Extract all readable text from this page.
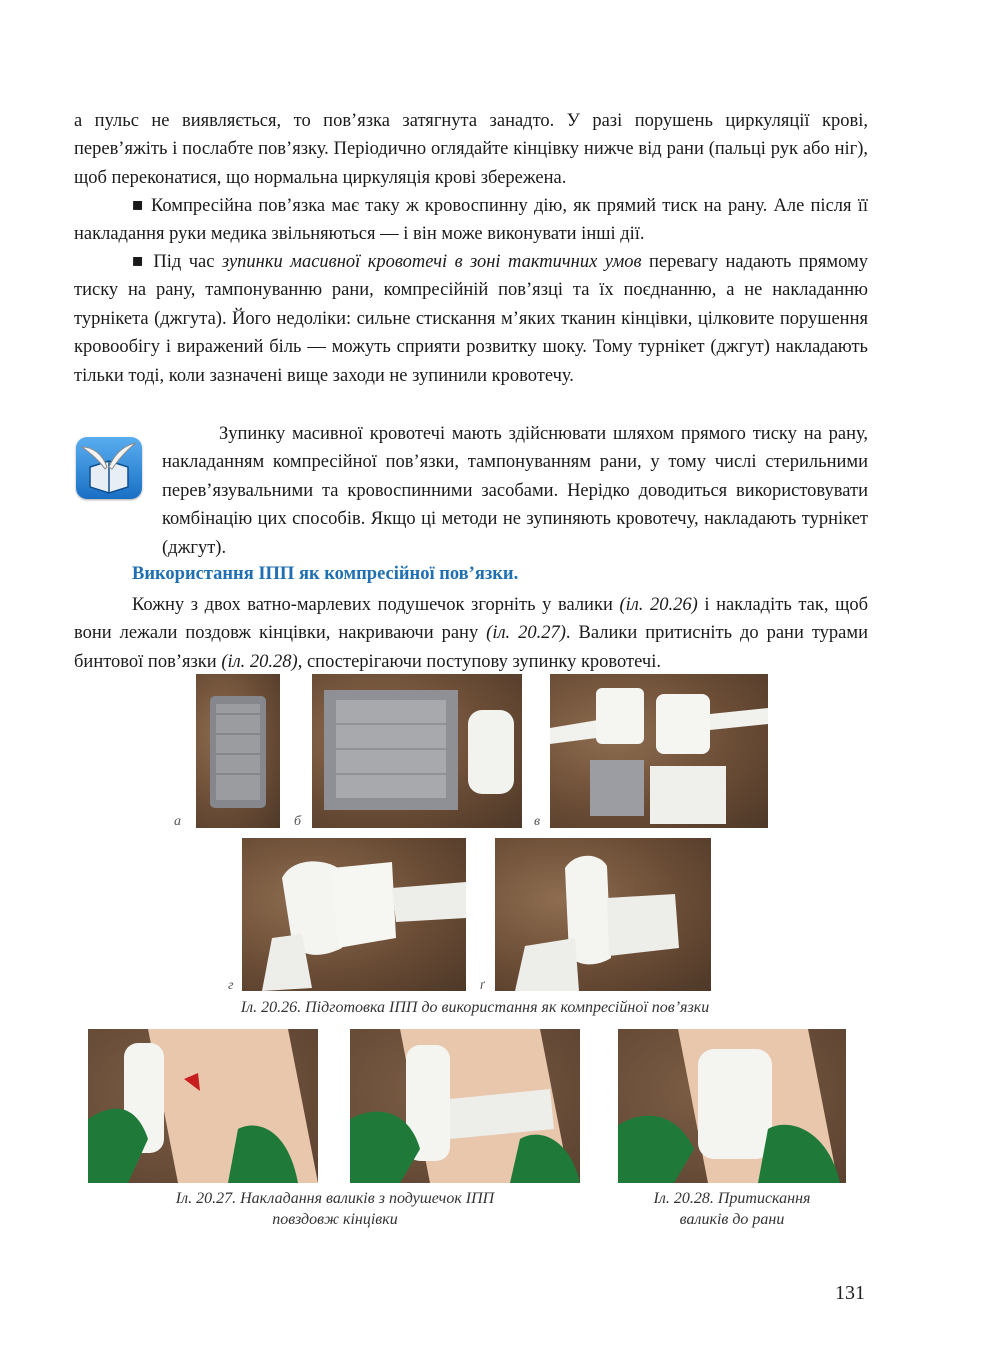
а пульс не виявляється, то пов’язка затягнута занадто. У разі порушень циркуляції крові, перев’яжіть і послабте пов’язку. Періодично оглядайте кінцівку нижче від рани (пальці рук або ніг), щоб переконатися, що нормальна циркуляція крові збережена.

■ Компресійна пов’язка має таку ж кровоспинну дію, як прямий тиск на рану. Але після її накладання руки медика звільняються — і він може виконувати інші дії.

■ Під час зупинки масивної кровотечі в зоні тактичних умов перевагу надають прямому тиску на рану, тампонуванню рани, компресійній пов’язці та їх поєднанню, а не накладанню турнікета (джгута). Його недоліки: сильне стискання м’яких тканин кінцівки, цілковите порушення кровообігу і виражений біль — можуть сприяти розвитку шоку. Тому турнікет (джгут) накладають тільки тоді, коли зазначені вище заходи не зупинили кровотечу.

Зупинку масивної кровотечі мають здійснювати шляхом прямого тиску на рану, накладанням компресійної пов’язки, тампонуванням рани, у тому числі стерильними перев’язувальними та кровоспинними засобами. Нерідко доводиться використовувати комбінацію цих способів. Якщо ці методи не зупиняють кровотечу, накладають турнікет (джгут).

Використання ІПП як компресійної пов’язки.

Кожну з двох ватно-марлевих подушечок згорніть у валики (іл. 20.26) і накладіть так, щоб вони лежали поздовж кінцівки, накриваючи рану (іл. 20.27). Валики притисніть до рани турами бинтової пов’язки (іл. 20.28), спостерігаючи поступову зупинку кровотечі.

а	б	в
г	ґ

Іл. 20.26. Підготовка ІПП до використання як компресійної пов’язки

Іл. 20.27. Накладання валиків з подушечок ІПП
повздовж кінцівки

Іл. 20.28. Притискання
валиків до рани

131
